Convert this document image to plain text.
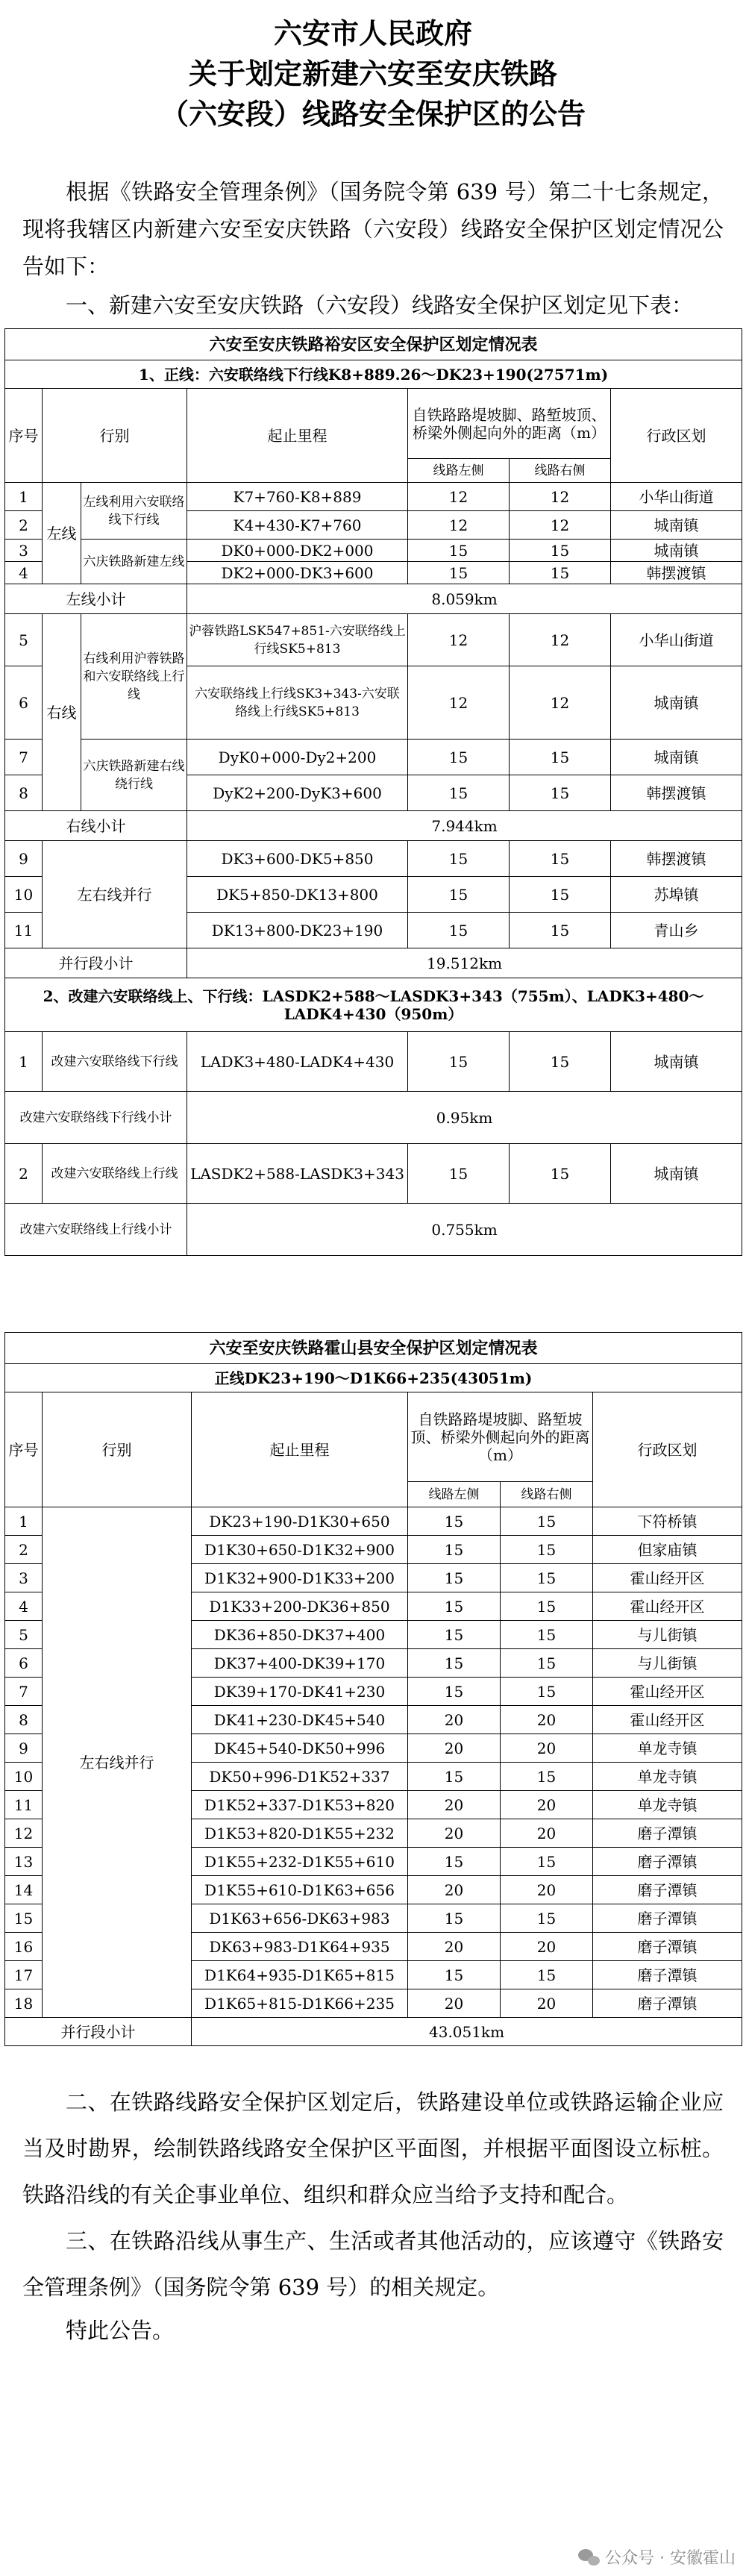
六安市人民政府
关于划定新建六安至安庆铁路
（六安段）线路安全保护区的公告

根据《铁路安全管理条例》（国务院令第 639 号）第二十七条规定，现将我辖区内新建六安至安庆铁路（六安段）线路安全保护区划定情况公告如下：

一、新建六安至安庆铁路（六安段）线路安全保护区划定见下表：

六安至安庆铁路裕安区安全保护区划定情况表						
1、正线：六安联络线下行线K8+889.26～DK23+190(27571m)						
序号	行别		起止里程	自铁路路堤坡脚、路堑坡顶、桥梁外侧起向外的距离（m）		行政区划
				线路左侧	线路右侧	
1	左线	左线利用六安联络线下行线	K7+760-K8+889	12	12	小华山街道
2			K4+430-K7+760	12	12	城南镇
3		六庆铁路新建左线	DK0+000-DK2+000	15	15	城南镇
4			DK2+000-DK3+600	15	15	韩摆渡镇
左线小计			8.059km			
5	右线	右线利用沪蓉铁路和六安联络线上行线	沪蓉铁路LSK547+851-六安联络线上行线SK5+813	12	12	小华山街道
6			六安联络线上行线SK3+343-六安联络线上行线SK5+813	12	12	城南镇
7		六庆铁路新建右线绕行线	DyK0+000-Dy2+200	15	15	城南镇
8			DyK2+200-DyK3+600	15	15	韩摆渡镇
右线小计			7.944km			
9	左右线并行		DK3+600-DK5+850	15	15	韩摆渡镇
10			DK5+850-DK13+800	15	15	苏埠镇
11			DK13+800-DK23+190	15	15	青山乡
并行段小计			19.512km			
2、改建六安联络线上、下行线：LASDK2+588～LASDK3+343（755m）、LADK3+480～LADK4+430（950m）						
1	改建六安联络线下行线		LADK3+480-LADK4+430	15	15	城南镇
改建六安联络线下行线小计			0.95km			
2	改建六安联络线上行线		LASDK2+588-LASDK3+343	15	15	城南镇
改建六安联络线上行线小计			0.755km			
六安至安庆铁路霍山县安全保护区划定情况表					
正线DK23+190～D1K66+235(43051m)					
序号	行别	起止里程	自铁路路堤坡脚、路堑坡顶、桥梁外侧起向外的距离（m）		行政区划
			线路左侧	线路右侧	
1	左右线并行	DK23+190-D1K30+650	15	15	下符桥镇
2		D1K30+650-D1K32+900	15	15	但家庙镇
3		D1K32+900-D1K33+200	15	15	霍山经开区
4		D1K33+200-DK36+850	15	15	霍山经开区
5		DK36+850-DK37+400	15	15	与儿街镇
6		DK37+400-DK39+170	15	15	与儿街镇
7		DK39+170-DK41+230	15	15	霍山经开区
8		DK41+230-DK45+540	20	20	霍山经开区
9		DK45+540-DK50+996	20	20	单龙寺镇
10		DK50+996-D1K52+337	15	15	单龙寺镇
11		D1K52+337-D1K53+820	20	20	单龙寺镇
12		D1K53+820-D1K55+232	20	20	磨子潭镇
13		D1K55+232-D1K55+610	15	15	磨子潭镇
14		D1K55+610-D1K63+656	20	20	磨子潭镇
15		D1K63+656-DK63+983	15	15	磨子潭镇
16		DK63+983-D1K64+935	20	20	磨子潭镇
17		D1K64+935-D1K65+815	15	15	磨子潭镇
18		D1K65+815-D1K66+235	20	20	磨子潭镇
并行段小计		43.051km			

二、在铁路线路安全保护区划定后，铁路建设单位或铁路运输企业应当及时勘界，绘制铁路线路安全保护区平面图，并根据平面图设立标桩。铁路沿线的有关企事业单位、组织和群众应当给予支持和配合。

三、在铁路沿线从事生产、生活或者其他活动的，应该遵守《铁路安全管理条例》（国务院令第 639 号）的相关规定。

特此公告。

公众号 · 安徽霍山
